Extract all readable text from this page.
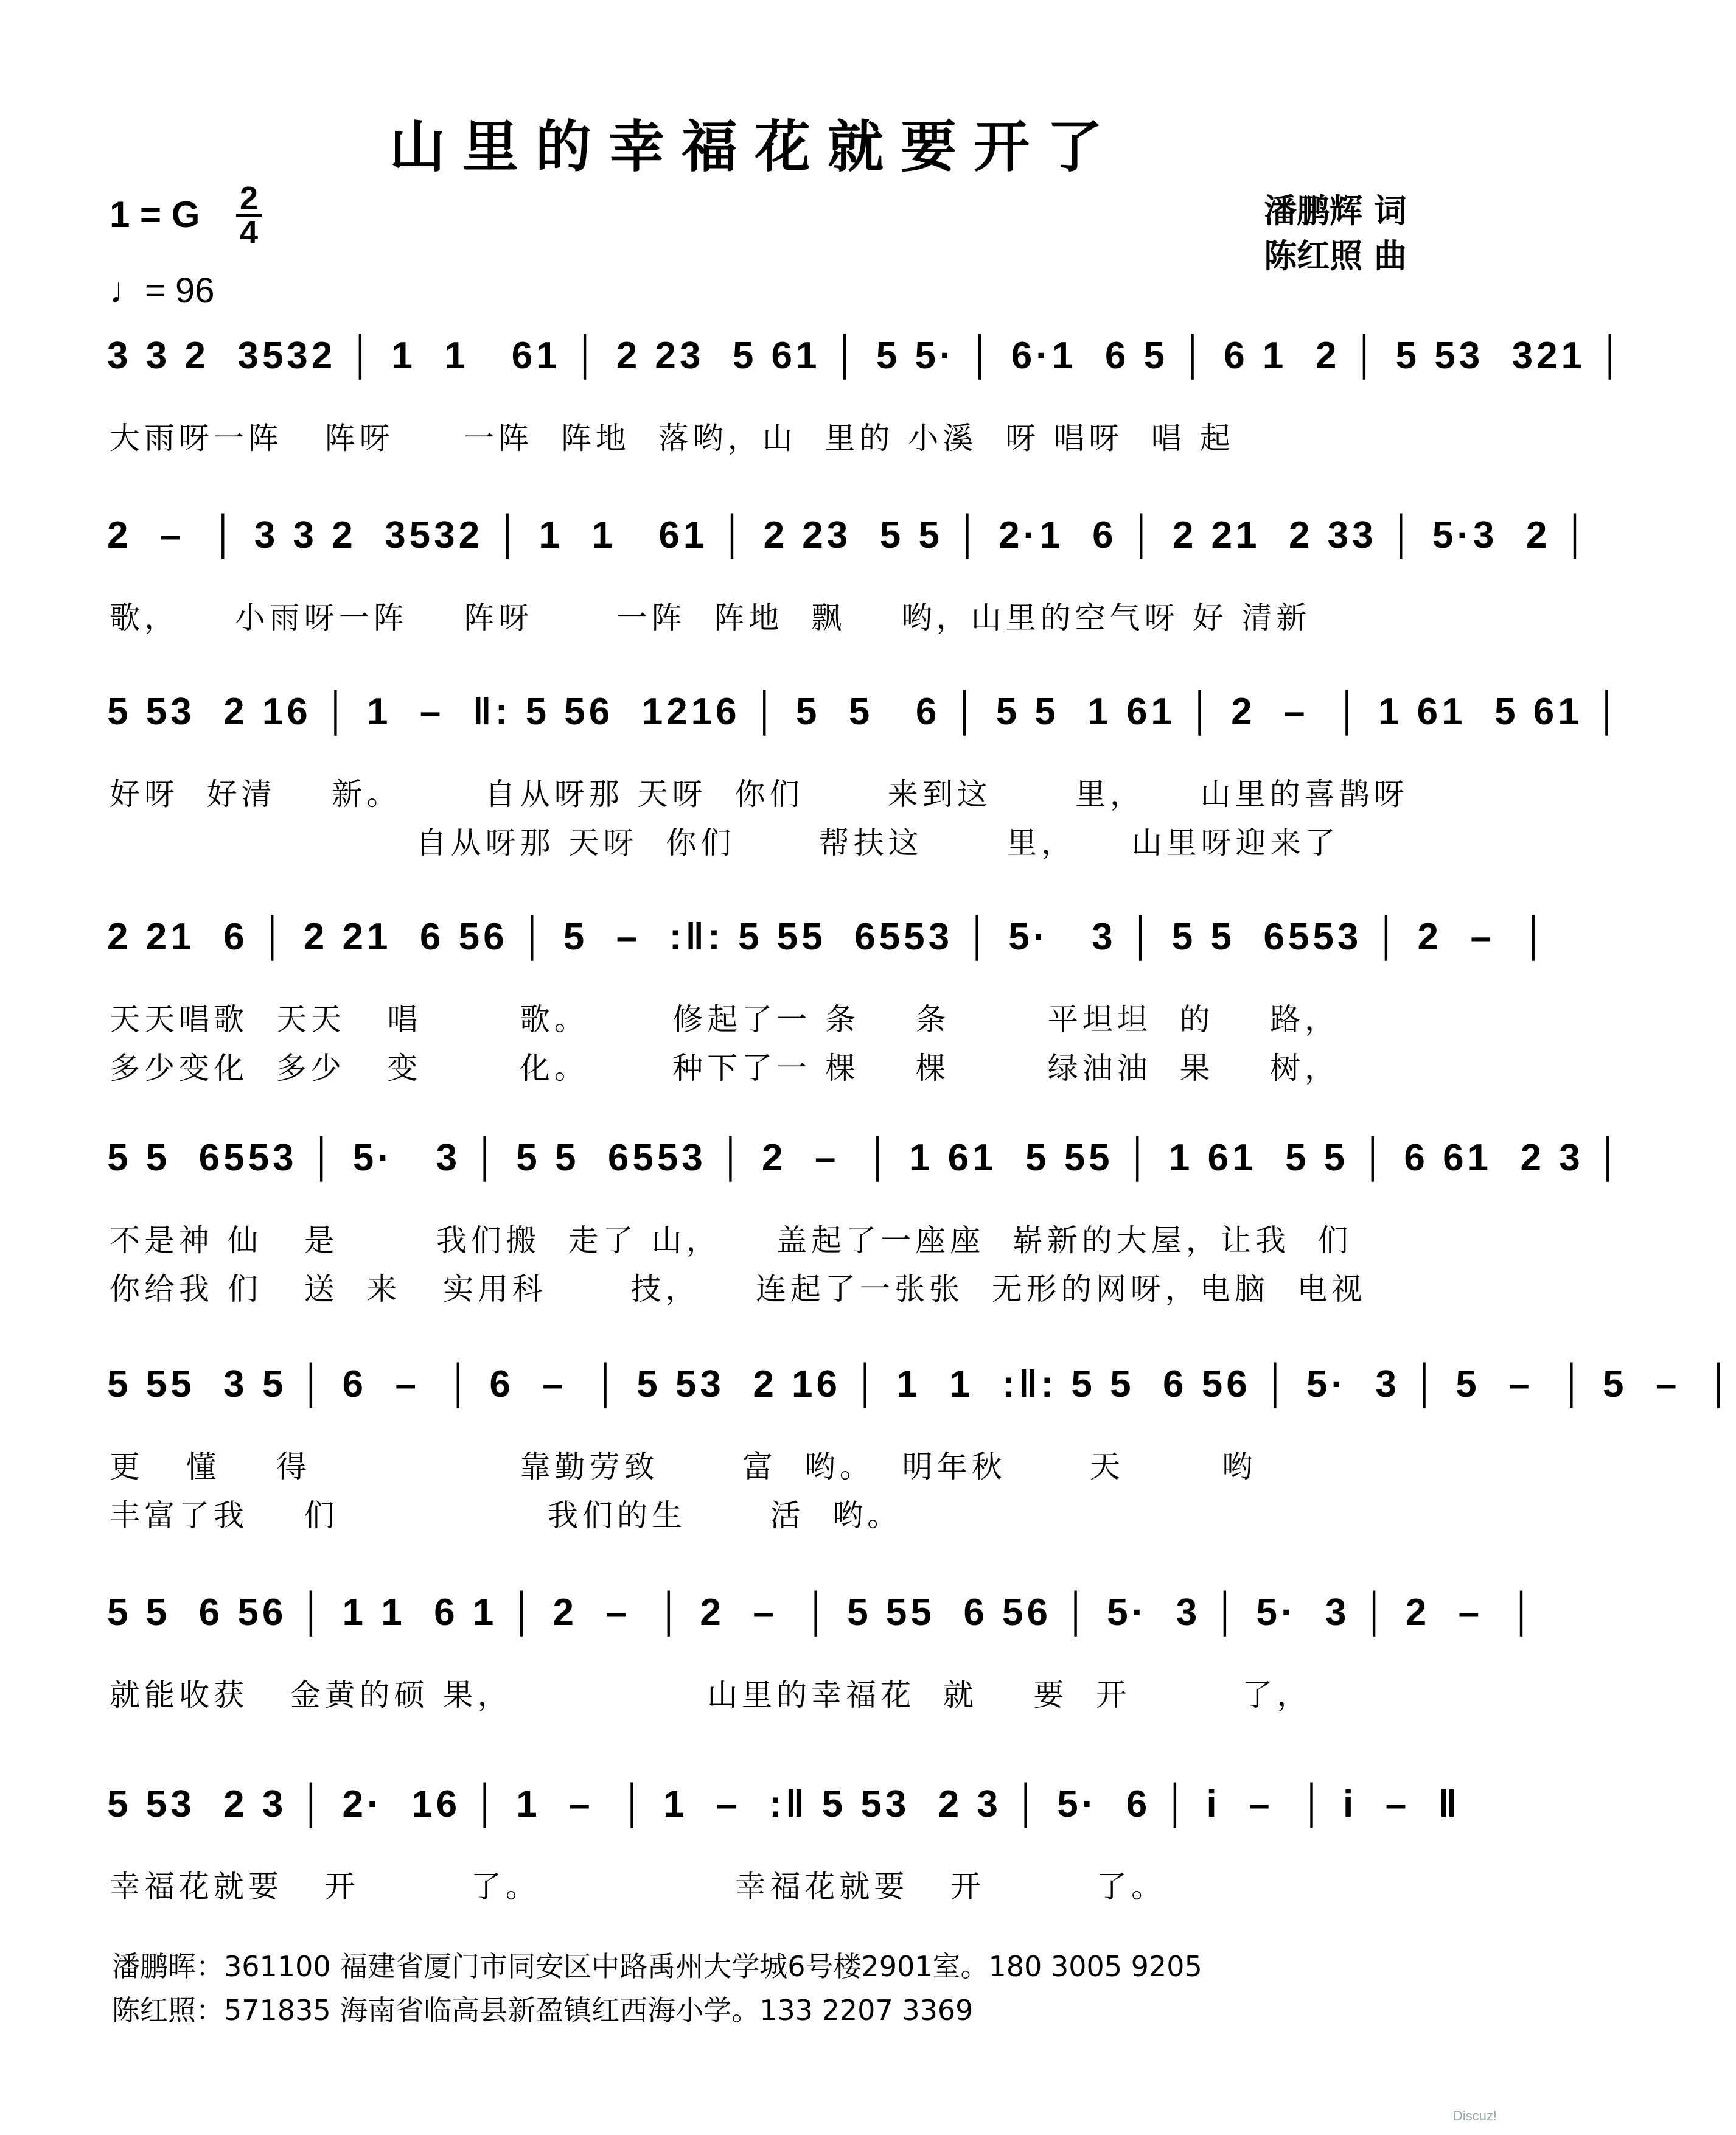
山里的幸福花就要开了
1 = G 2
4
♩= 96
潘鹏辉 词
陈红照 曲
3 3 2  3532 │ 1  1   61 │ 2 23  5 61 │ 5 5· │ 6·1  6 5 │ 6 1  2 │ 5 53  321 │
大雨呀一阵   阵呀     一阵  阵地  落哟，山  里的 小溪  呀 唱呀  唱 起
2  –  │ 3 3 2  3532 │ 1  1   61 │ 2 23  5 5 │ 2·1  6 │ 2 21  2 33 │ 5·3  2 │
歌，    小雨呀一阵    阵呀      一阵  阵地  飘    哟，山里的空气呀 好 清新
5 53  2 16 │ 1  –  ‖: 5 56  1216 │ 5  5   6 │ 5 5  1 61 │ 2  –  │ 1 61  5 61 │
好呀  好清    新。      自从呀那 天呀  你们      来到这      里，    山里的喜鹊呀
自从呀那 天呀  你们      帮扶这      里，    山里呀迎来了
2 21  6 │ 2 21  6 56 │ 5  –  :‖: 5 55  6553 │ 5·   3 │ 5 5  6553 │ 2  –  │
天天唱歌  天天   唱       歌。      修起了一 条    条       平坦坦  的    路，
多少变化  多少   变       化。      种下了一 棵    棵       绿油油  果    树，
5 5  6553 │ 5·   3 │ 5 5  6553 │ 2  –  │ 1 61  5 55 │ 1 61  5 5 │ 6 61  2 3 │
不是神 仙   是       我们搬  走了 山，    盖起了一座座  崭新的大屋，让我  们
你给我 们   送  来   实用科      技，    连起了一张张  无形的网呀，电脑  电视
5 55  3 5 │ 6  –  │ 6  –  │ 5 53  2 16 │ 1  1  :‖: 5 5  6 56 │ 5·  3 │ 5  –  │ 5  –  │
更   懂    得               靠勤劳致      富  哟。  明年秋      天       哟
丰富了我    们               我们的生      活  哟。
5 5  6 56 │ 1 1  6 1 │ 2  –  │ 2  –  │ 5 55  6 56 │ 5·  3 │ 5·  3 │ 2  –  │
就能收获   金黄的硕 果，              山里的幸福花  就    要  开        了，
5 53  2 3 │ 2·  16 │ 1  –  │ 1  –  :‖ 5 53  2 3 │ 5·  6 │ i  –  │ i  –  ‖
幸福花就要   开        了。              幸福花就要   开        了。
潘鹏晖：361100 福建省厦门市同安区中路禹州大学城6号楼2901室。180 3005 9205
陈红照：571835 海南省临高县新盈镇红西海小学。133 2207 3369
Discuz!
